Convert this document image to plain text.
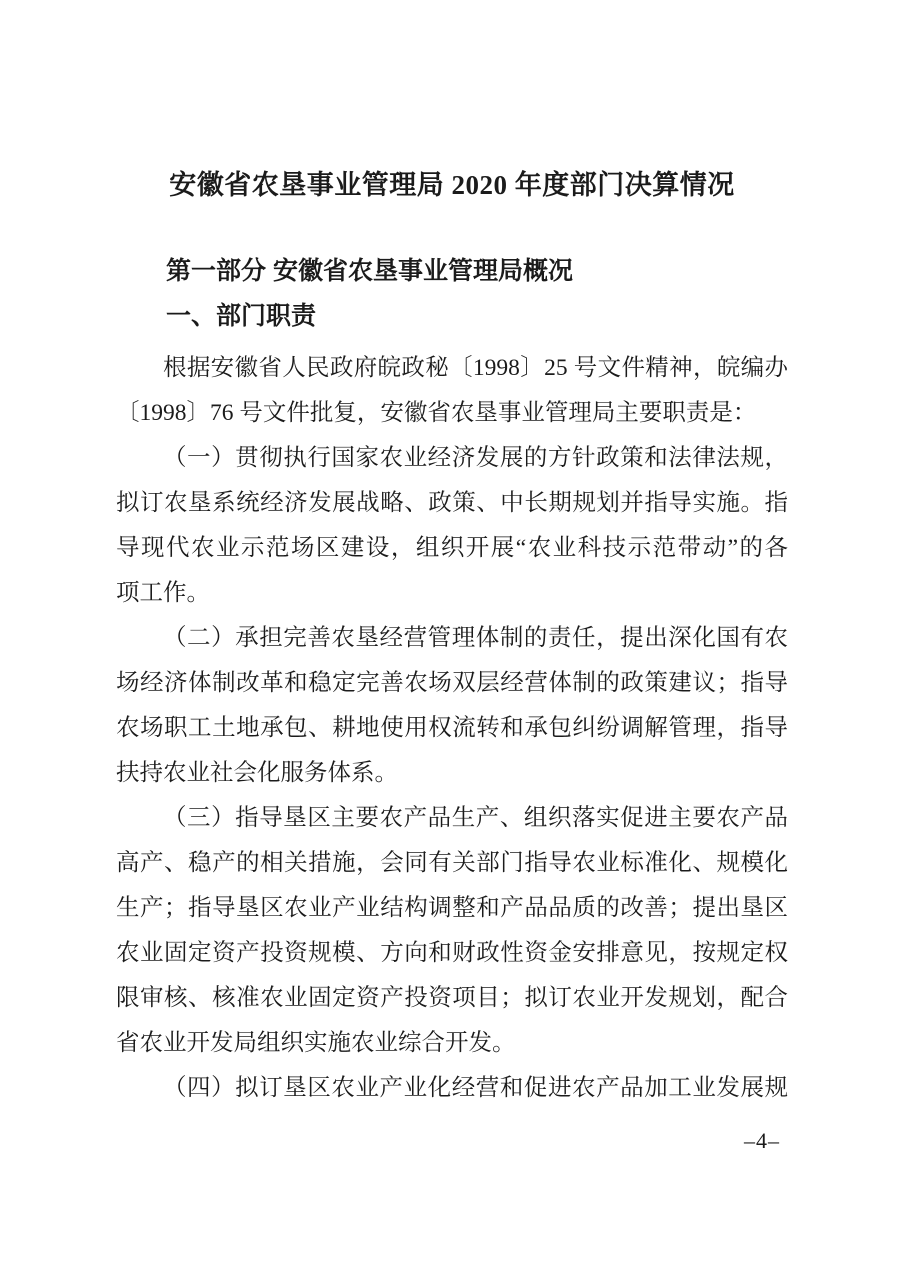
安徽省农垦事业管理局 2020 年度部门决算情况
第一部分 安徽省农垦事业管理局概况
一、部门职责
根据安徽省人民政府皖政秘〔1998〕25 号文件精神，皖编办
〔1998〕76 号文件批复，安徽省农垦事业管理局主要职责是：
（一）贯彻执行国家农业经济发展的方针政策和法律法规，
拟订农垦系统经济发展战略、政策、中长期规划并指导实施。指
导现代农业示范场区建设，组织开展“农业科技示范带动”的各
项工作。
（二）承担完善农垦经营管理体制的责任，提出深化国有农
场经济体制改革和稳定完善农场双层经营体制的政策建议；指导
农场职工土地承包、耕地使用权流转和承包纠纷调解管理，指导
扶持农业社会化服务体系。
（三）指导垦区主要农产品生产、组织落实促进主要农产品
高产、稳产的相关措施，会同有关部门指导农业标准化、规模化
生产；指导垦区农业产业结构调整和产品品质的改善；提出垦区
农业固定资产投资规模、方向和财政性资金安排意见，按规定权
限审核、核准农业固定资产投资项目；拟订农业开发规划，配合
省农业开发局组织实施农业综合开发。
（四）拟订垦区农业产业化经营和促进农产品加工业发展规
–4–
